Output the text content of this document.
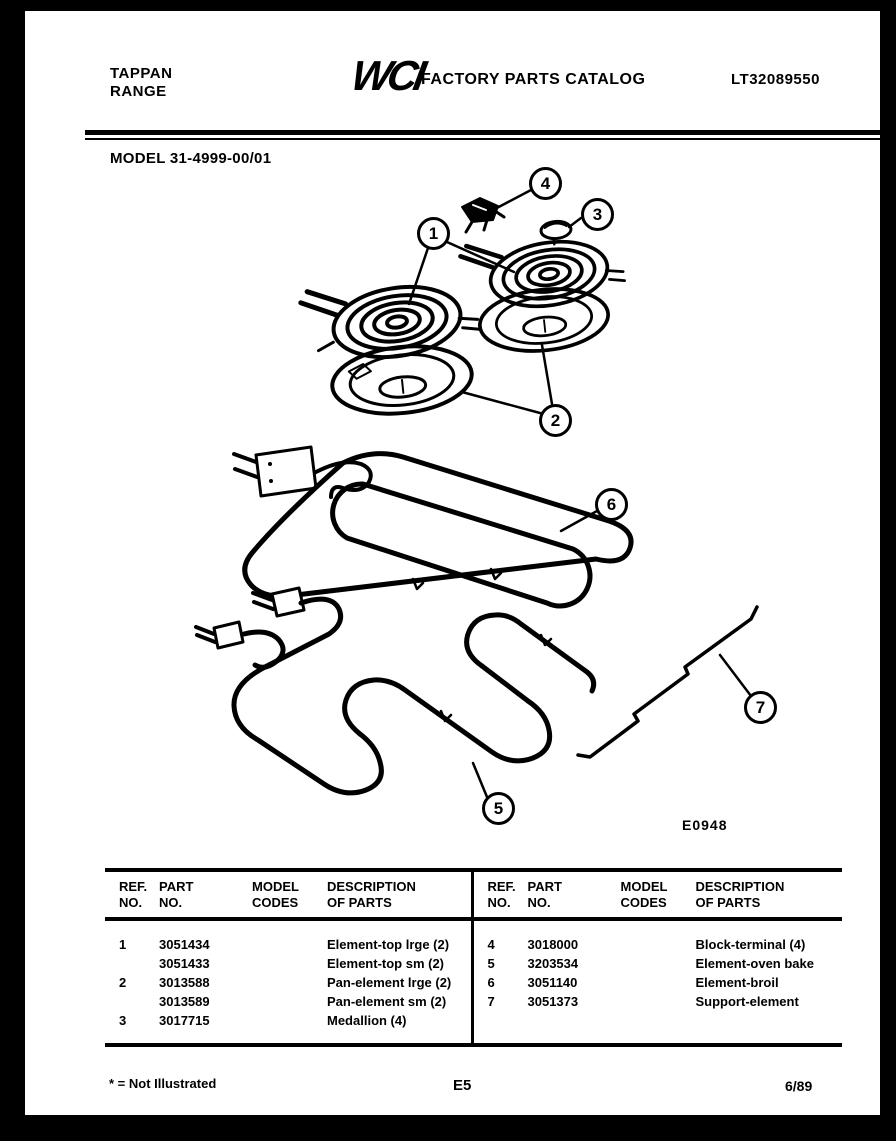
TAPPAN
RANGE	WCI
FACTORY PARTS CATALOG	LT32089550
MODEL 31-4999-00/01
1
2
3
4
5
6
7
E0948
REF.
NO.
PART
NO.
MODEL
CODES
DESCRIPTION
OF PARTS
1	3051434	Element-top lrge (2)
3051433	Element-top sm (2)
2	3013588	Pan-element lrge (2)
3013589	Pan-element sm (2)
3	3017715	Medallion (4)
REF.
NO.
PART
NO.
MODEL
CODES
DESCRIPTION
OF PARTS
4	3018000	Block-terminal (4)
5	3203534	Element-oven bake
6	3051140	Element-broil
7	3051373	Support-element
* = Not Illustrated	E5	6/89
